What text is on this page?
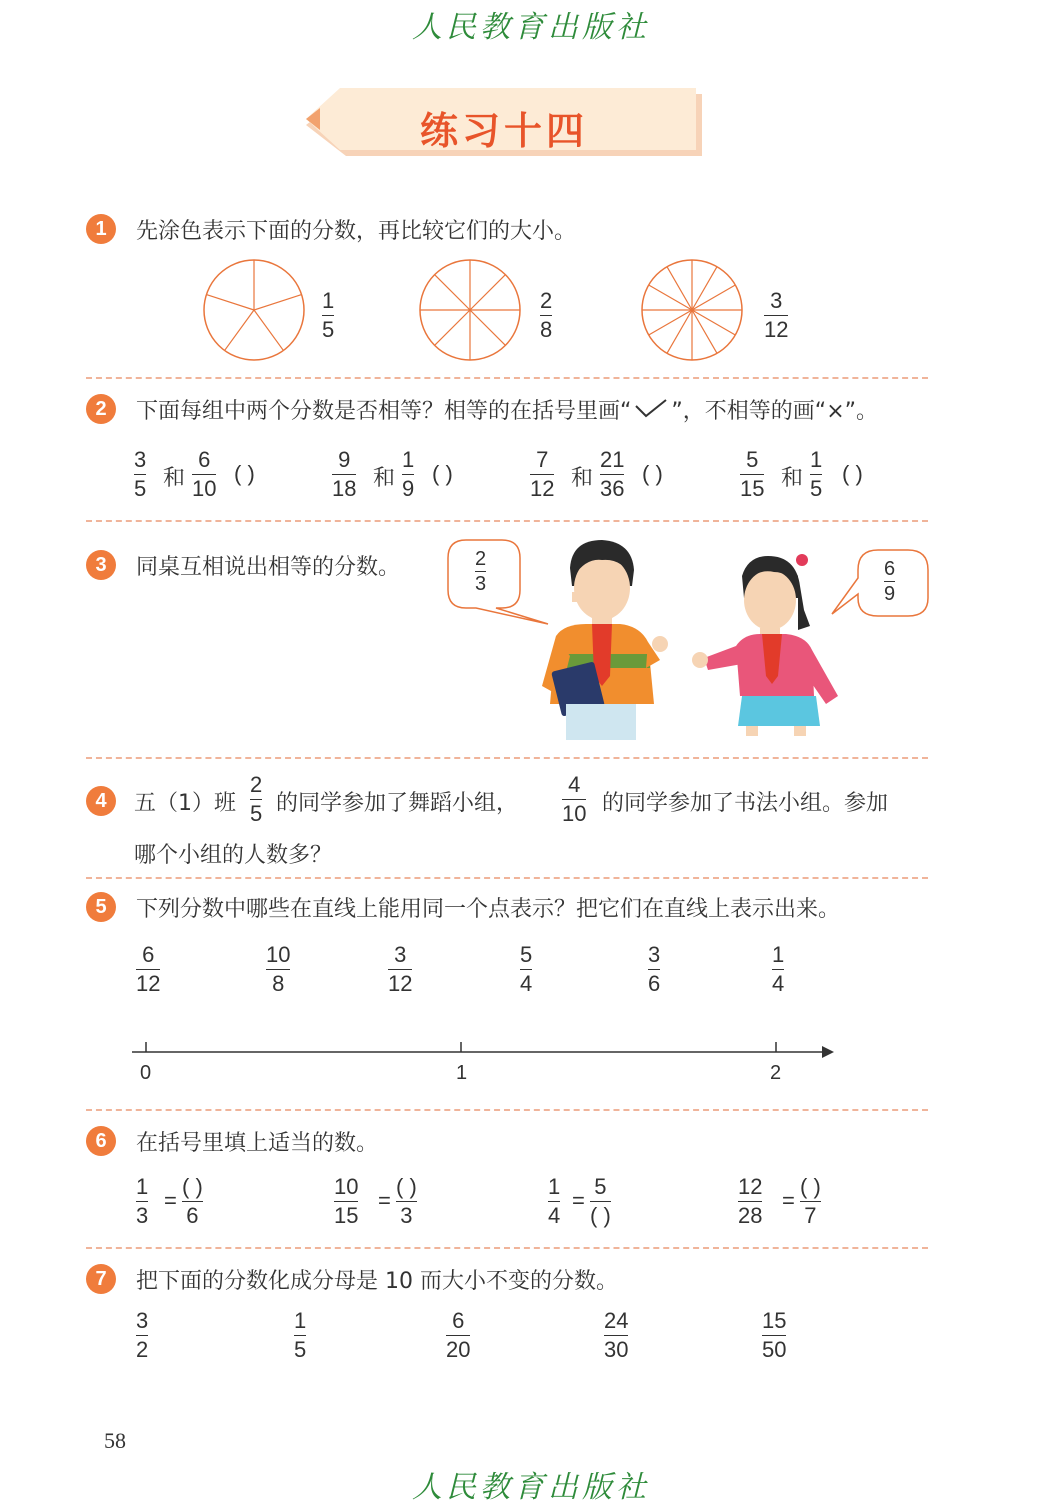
人民教育出版社
练习十四
1	先涂色表示下面的分数，再比较它们的大小。
1
5
2
8
3
12
2	下面每组中两个分数是否相等？相等的在括号里画“ ”，不相等的画“×”。
3
5 和
6
10
( )
9
18 和
1
9
( )
7
12 和
21
36
( )
5
15 和
1
5
( )
3	同桌互相说出相等的分数。	2
3
6
9
4	五（1）班
2
5 的同学参加了舞蹈小组，
4
10 的同学参加了书法小组。参加
哪个小组的人数多？
5	下列分数中哪些在直线上能用同一个点表示？把它们在直线上表示出来。
6
12
10
8
3
12
5
4
3
6
1
4
0	1	2
6	在括号里填上适当的数。
1
3
=
( )
6
10
15
=
( )
3
1
4
=
5
( )
12
28
=
( )
7
7	把下面的分数化成分母是 10 而大小不变的分数。
3
2
1
5
6
20
24
30
15
50
58
人民教育出版社
